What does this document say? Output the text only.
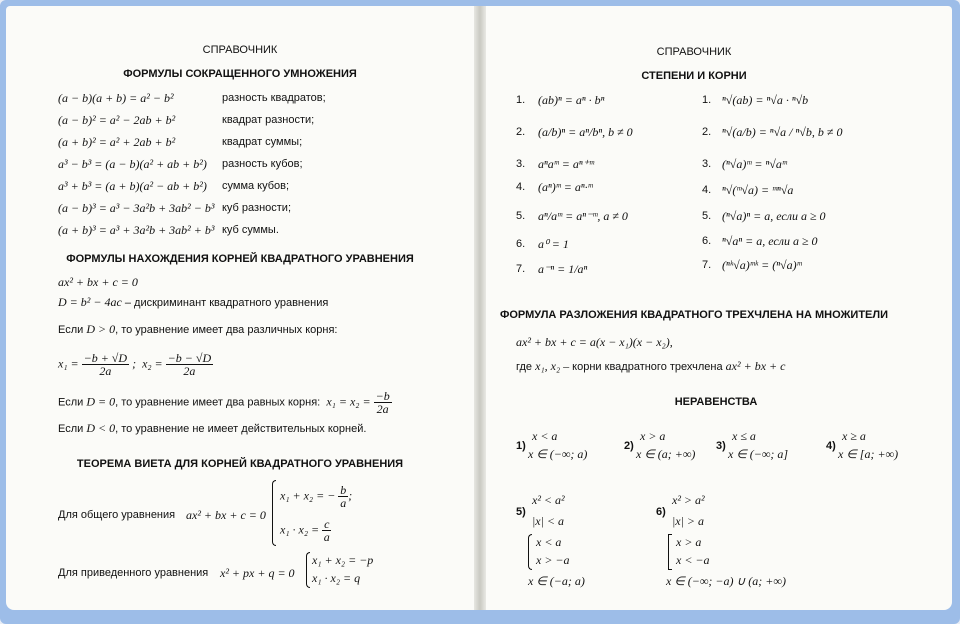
СПРАВОЧНИК
ФОРМУЛЫ СОКРАЩЕННОГО УМНОЖЕНИЯ
(a − b)(a + b) = a² − b²	разность квадратов;
(a − b)² = a² − 2ab + b²	квадрат разности;
(a + b)² = a² + 2ab + b²	квадрат суммы;
a³ − b³ = (a − b)(a² + ab + b²) разность кубов;
a³ + b³ = (a + b)(a² − ab + b²) сумма кубов;
(a − b)³ = a³ − 3a²b + 3ab² − b³ куб разности;
(a + b)³ = a³ + 3a²b + 3ab² + b³ куб суммы.
ФОРМУЛЫ НАХОЖДЕНИЯ КОРНЕЙ КВАДРАТНОГО УРАВНЕНИЯ
ax² + bx + c = 0
D = b² − 4ac – дискриминант квадратного уравнения
Если D > 0, то уравнение имеет два различных корня:
$x_1 = \frac{-b + √D}{2a}$ ; $x_2 = \frac{-b - √D}{2a}$
Если D = 0, то уравнение имеет два равных корня: $x_1 = x_2 = \frac{-b}{2a}$
Если D < 0, то уравнение не имеет действительных корней.
ТЕОРЕМА ВИЕТА ДЛЯ КОРНЕЙ КВАДРАТНОГО УРАВНЕНИЯ
Для общего уравнения ax² + bx + c = 0
x₁ + x₂ = − $\frac{b}{a}$ ;
$x_1 \cdot x_2 = \frac{c}{a}$
Для приведенного уравнения x² + px + q = 0
x₁ + x₂ = −p
x₁ · x₂ = q
СПРАВОЧНИК
СТЕПЕНИ И КОРНИ
1. (ab)ⁿ = aⁿ · bⁿ
2. (a/b)ⁿ = aⁿ/bⁿ, b ≠ 0
3. aⁿaᵐ = aⁿ⁺ᵐ
4. (aⁿ)ᵐ = aⁿ·ᵐ
5. aⁿ/aᵐ = aⁿ⁻ᵐ, a ≠ 0
6. a⁰ = 1
7. a⁻ⁿ = 1/aⁿ
1. ⁿ√(ab) = ⁿ√a · ⁿ√b
2. ⁿ√(a/b) = ⁿ√a / ⁿ√b, b ≠ 0
3. (ⁿ√a)ᵐ = ⁿ√aᵐ
4. ⁿ√(ᵐ√a) = ᵐⁿ√a
5. (ⁿ√a)ⁿ = a, если a ≥ 0
6. ⁿ√aⁿ = a, если a ≥ 0
7. (ⁿᵏ√a)ᵐᵏ = (ⁿ√a)ᵐ
ФОРМУЛА РАЗЛОЖЕНИЯ КВАДРАТНОГО ТРЕХЧЛЕНА НА МНОЖИТЕЛИ
ax² + bx + c = a(x − x₁)(x − x₂),
где x₁, x₂ – корни квадратного трехчлена ax² + bx + c
НЕРАВЕНСТВА
1)
x < a
x ∈ (−∞; a)
2)
x > a
x ∈ (a; +∞)
3)
x ≤ a
x ∈ (−∞; a]
4)
x ≥ a
x ∈ [a; +∞)
5)
x² < a²
|x| < a
x < a
x > −a
x ∈ (−a; a)
6)
x² > a²
|x| > a
x > a
x < −a
x ∈ (−∞; −a) ∪ (a; +∞)
